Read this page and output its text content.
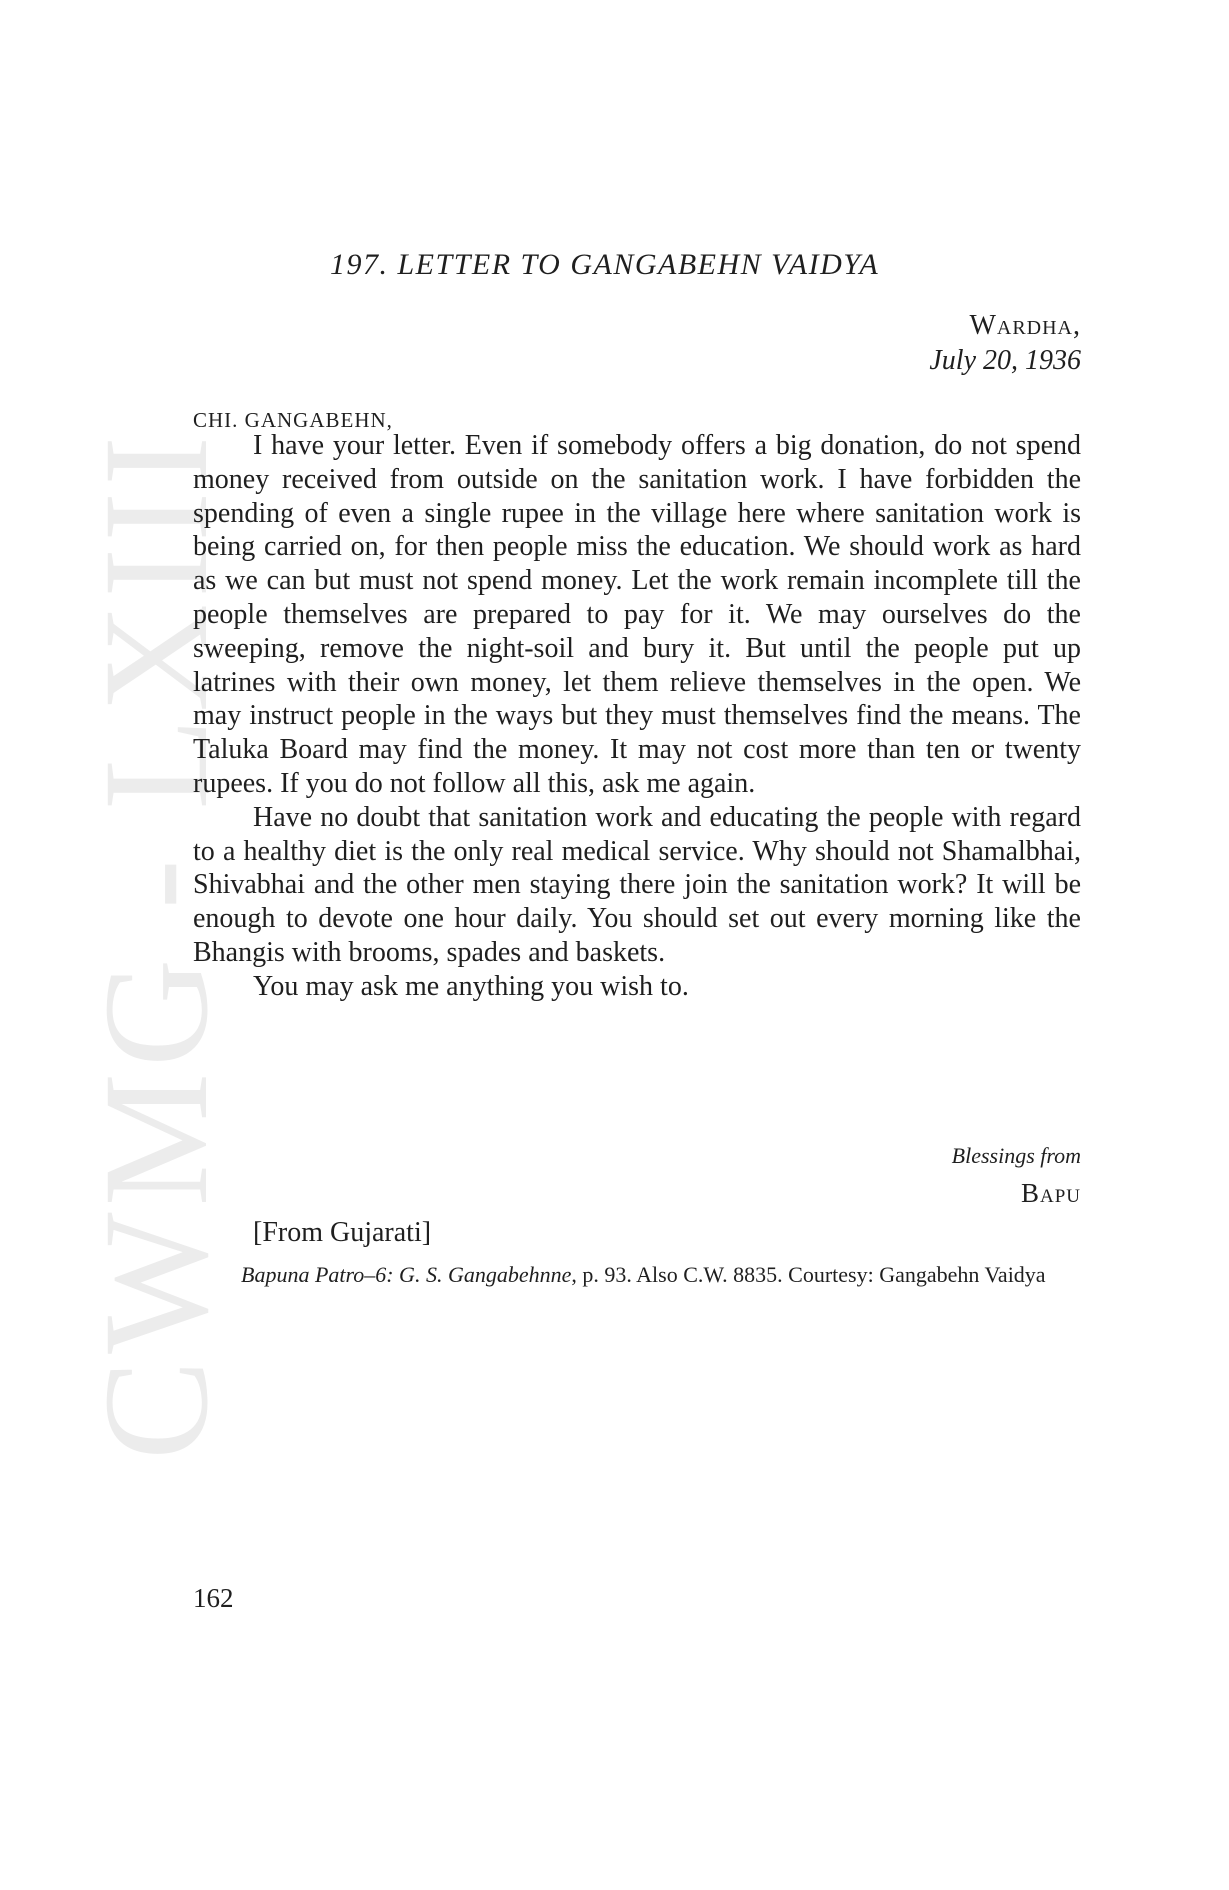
CWMG - LXIII
197. LETTER TO GANGABEHN VAIDYA
Wardha,
July 20, 1936
CHI. GANGABEHN,

I have your letter. Even if somebody offers a big donation, do not spend money received from outside on the sanitation work. I have forbidden the spending of even a single rupee in the village here where sanitation work is being carried on, for then people miss the education. We should work as hard as we can but must not spend money. Let the work remain incomplete till the people themselves are prepared to pay for it. We may ourselves do the sweeping, remove the night-soil and bury it. But until the people put up latrines with their own money, let them relieve themselves in the open. We may instruct people in the ways but they must themselves find the means. The Taluka Board may find the money. It may not cost more than ten or twenty rupees. If you do not follow all this, ask me again.

Have no doubt that sanitation work and educating the people with regard to a healthy diet is the only real medical service. Why should not Shamalbhai, Shivabhai and the other men staying there join the sanitation work? It will be enough to devote one hour daily. You should set out every morning like the Bhangis with brooms, spades and baskets.

You may ask me anything you wish to.

Blessings from
Bapu
[From Gujarati]
Bapuna Patro–6: G. S. Gangabehnne, p. 93. Also C.W. 8835. Courtesy: Gangabehn Vaidya
162
